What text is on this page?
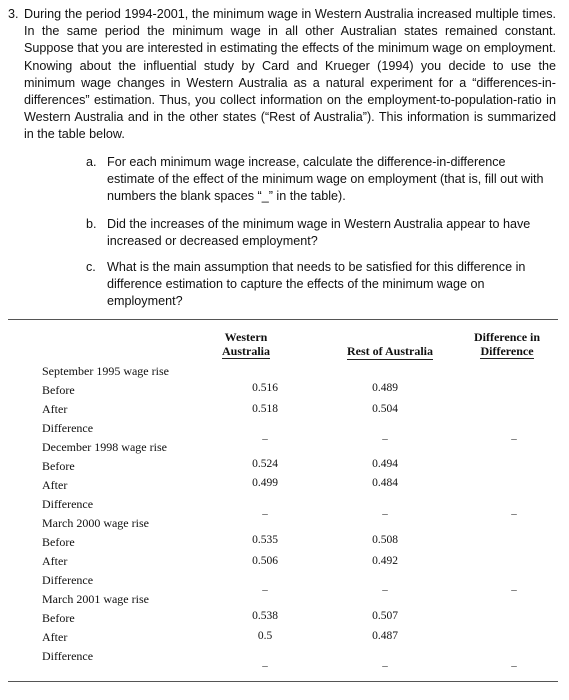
3. During the period 1994-2001, the minimum wage in Western Australia increased multiple times. In the same period the minimum wage in all other Australian states remained constant. Suppose that you are interested in estimating the effects of the minimum wage on employment. Knowing about the influential study by Card and Krueger (1994) you decide to use the minimum wage changes in Western Australia as a natural experiment for a “differences-in-differences” estimation. Thus, you collect information on the employment-to-population-ratio in Western Australia and in the other states (“Rest of Australia”). This information is summarized in the table below.
a. For each minimum wage increase, calculate the difference-in-difference estimate of the effect of the minimum wage on employment (that is, fill out with numbers the blank spaces “_” in the table).
b. Did the increases of the minimum wage in Western Australia appear to have increased or decreased employment?
c. What is the main assumption that needs to be satisfied for this difference in difference estimation to capture the effects of the minimum wage on employment?
Western
Australia	Rest of Australia
Difference in
Difference
September 1995 wage rise
Before	0.516	0.489
After	0.518	0.504
Difference	_	_	_
December 1998 wage rise
Before	0.524	0.494
After	0.499	0.484
Difference	_	_	_
March 2000 wage rise
Before	0.535	0.508
After	0.506	0.492
Difference	_	_	_
March 2001 wage rise
Before	0.538	0.507
After	0.5	0.487
Difference	_	_	_
